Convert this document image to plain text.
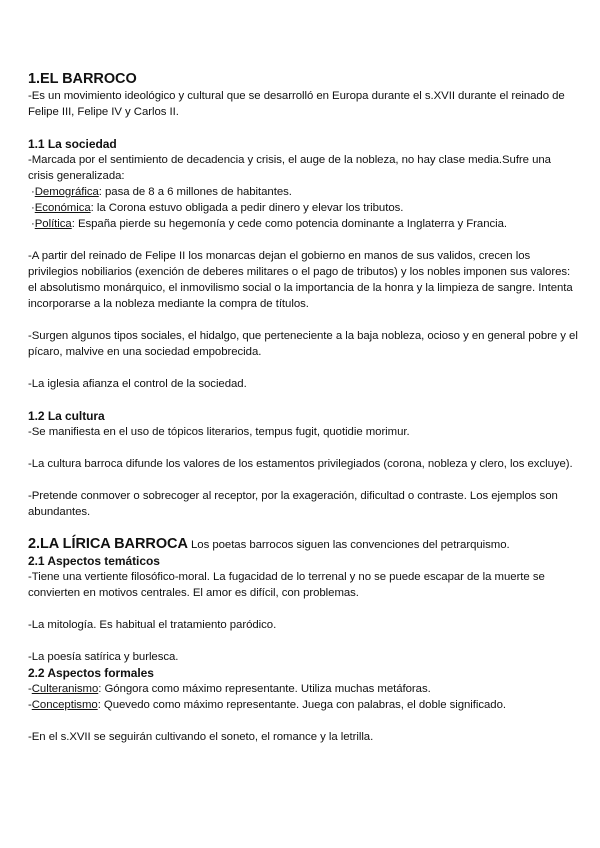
1.EL BARROCO

-Es un movimiento ideológico y cultural que se desarrolló en Europa durante el s.XVII durante el reinado de Felipe III, Felipe IV y Carlos II.

1.1 La sociedad

-Marcada por el sentimiento de decadencia y crisis, el auge de la nobleza, no hay clase media.Sufre una crisis generalizada:

·Demográfica: pasa de 8 a 6 millones de habitantes.

·Económica: la Corona estuvo obligada a pedir dinero y elevar los tributos.

·Política: España pierde su hegemonía y cede como potencia dominante a Inglaterra y Francia.

-A partir del reinado de Felipe II los monarcas dejan el gobierno en manos de sus validos, crecen los privilegios nobiliarios (exención de deberes militares o el pago de tributos) y los nobles imponen sus valores: el absolutismo monárquico, el inmovilismo social o la importancia de la honra y la limpieza de sangre. Intenta incorporarse a la nobleza mediante la compra de títulos.

-Surgen algunos tipos sociales, el hidalgo, que perteneciente a la baja nobleza, ocioso y en general pobre y el pícaro, malvive en una sociedad empobrecida.

-La iglesia afianza el control de la sociedad.

1.2 La cultura

-Se manifiesta en el uso de tópicos literarios, tempus fugit, quotidie morimur.

-La cultura barroca difunde los valores de los estamentos privilegiados (corona, nobleza y clero, los excluye).

-Pretende conmover o sobrecoger al receptor, por la exageración, dificultad o contraste. Los ejemplos son abundantes.

2.LA LÍRICA BARROCA Los poetas barrocos siguen las convenciones del petrarquismo.

2.1 Aspectos temáticos

-Tiene una vertiente filosófico-moral. La fugacidad de lo terrenal y no se puede escapar de la muerte se convierten en motivos centrales. El amor es difícil, con problemas.

-La mitología. Es habitual el tratamiento paródico.

-La poesía satírica y burlesca.

2.2 Aspectos formales

-Culteranismo: Góngora como máximo representante. Utiliza muchas metáforas.

-Conceptismo: Quevedo como máximo representante. Juega con palabras, el doble significado.

-En el s.XVII se seguirán cultivando el soneto, el romance y la letrilla.
